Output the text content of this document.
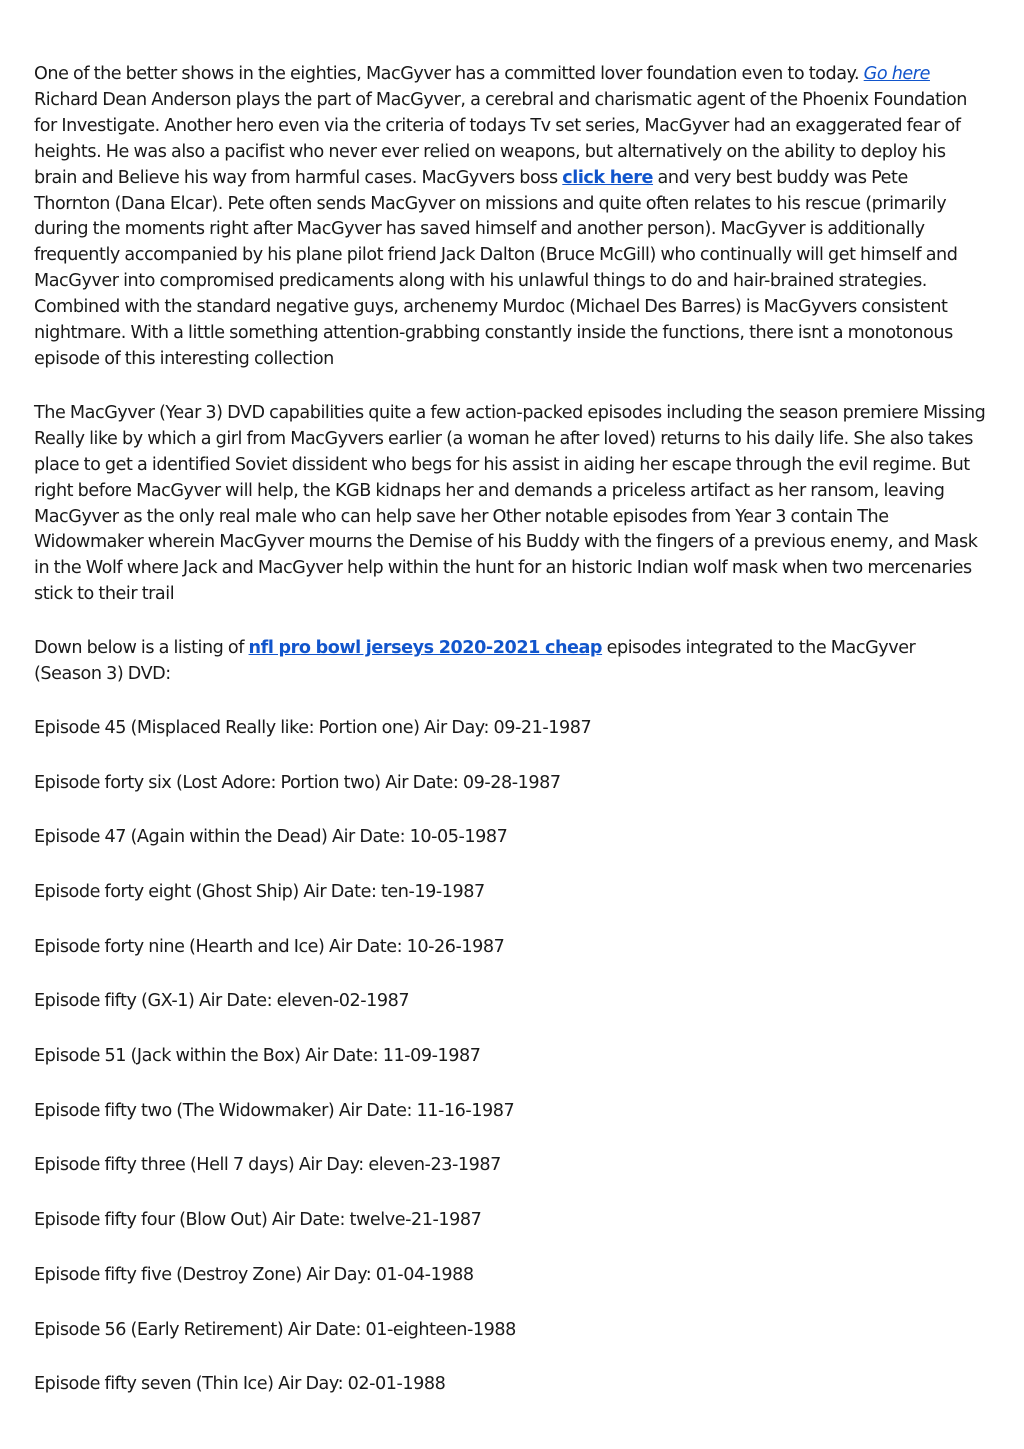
One of the better shows in the eighties, MacGyver has a committed lover foundation even to today. Go here Richard Dean Anderson plays the part of MacGyver, a cerebral and charismatic agent of the Phoenix Foundation for Investigate. Another hero even via the criteria of todays Tv set series, MacGyver had an exaggerated fear of heights. He was also a pacifist who never ever relied on weapons, but alternatively on the ability to deploy his brain and Believe his way from harmful cases. MacGyvers boss click here and very best buddy was Pete Thornton (Dana Elcar). Pete often sends MacGyver on missions and quite often relates to his rescue (primarily during the moments right after MacGyver has saved himself and another person). MacGyver is additionally frequently accompanied by his plane pilot friend Jack Dalton (Bruce McGill) who continually will get himself and MacGyver into compromised predicaments along with his unlawful things to do and hair-brained strategies. Combined with the standard negative guys, archenemy Murdoc (Michael Des Barres) is MacGyvers consistent nightmare. With a little something attention-grabbing constantly inside the functions, there isnt a monotonous episode of this interesting collection

The MacGyver (Year 3) DVD capabilities quite a few action-packed episodes including the season premiere Missing Really like by which a girl from MacGyvers earlier (a woman he after loved) returns to his daily life. She also takes place to get a identified Soviet dissident who begs for his assist in aiding her escape through the evil regime. But right before MacGyver will help, the KGB kidnaps her and demands a priceless artifact as her ransom, leaving MacGyver as the only real male who can help save her Other notable episodes from Year 3 contain The Widowmaker wherein MacGyver mourns the Demise of his Buddy with the fingers of a previous enemy, and Mask in the Wolf where Jack and MacGyver help within the hunt for an historic Indian wolf mask when two mercenaries stick to their trail

Down below is a listing of nfl pro bowl jerseys 2020-2021 cheap episodes integrated to the MacGyver (Season 3) DVD:

Episode 45 (Misplaced Really like: Portion one) Air Day: 09-21-1987
Episode forty six (Lost Adore: Portion two) Air Date: 09-28-1987
Episode 47 (Again within the Dead) Air Date: 10-05-1987
Episode forty eight (Ghost Ship) Air Date: ten-19-1987
Episode forty nine (Hearth and Ice) Air Date: 10-26-1987
Episode fifty (GX-1) Air Date: eleven-02-1987
Episode 51 (Jack within the Box) Air Date: 11-09-1987
Episode fifty two (The Widowmaker) Air Date: 11-16-1987
Episode fifty three (Hell 7 days) Air Day: eleven-23-1987
Episode fifty four (Blow Out) Air Date: twelve-21-1987
Episode fifty five (Destroy Zone) Air Day: 01-04-1988
Episode 56 (Early Retirement) Air Date: 01-eighteen-1988
Episode fifty seven (Thin Ice) Air Day: 02-01-1988
